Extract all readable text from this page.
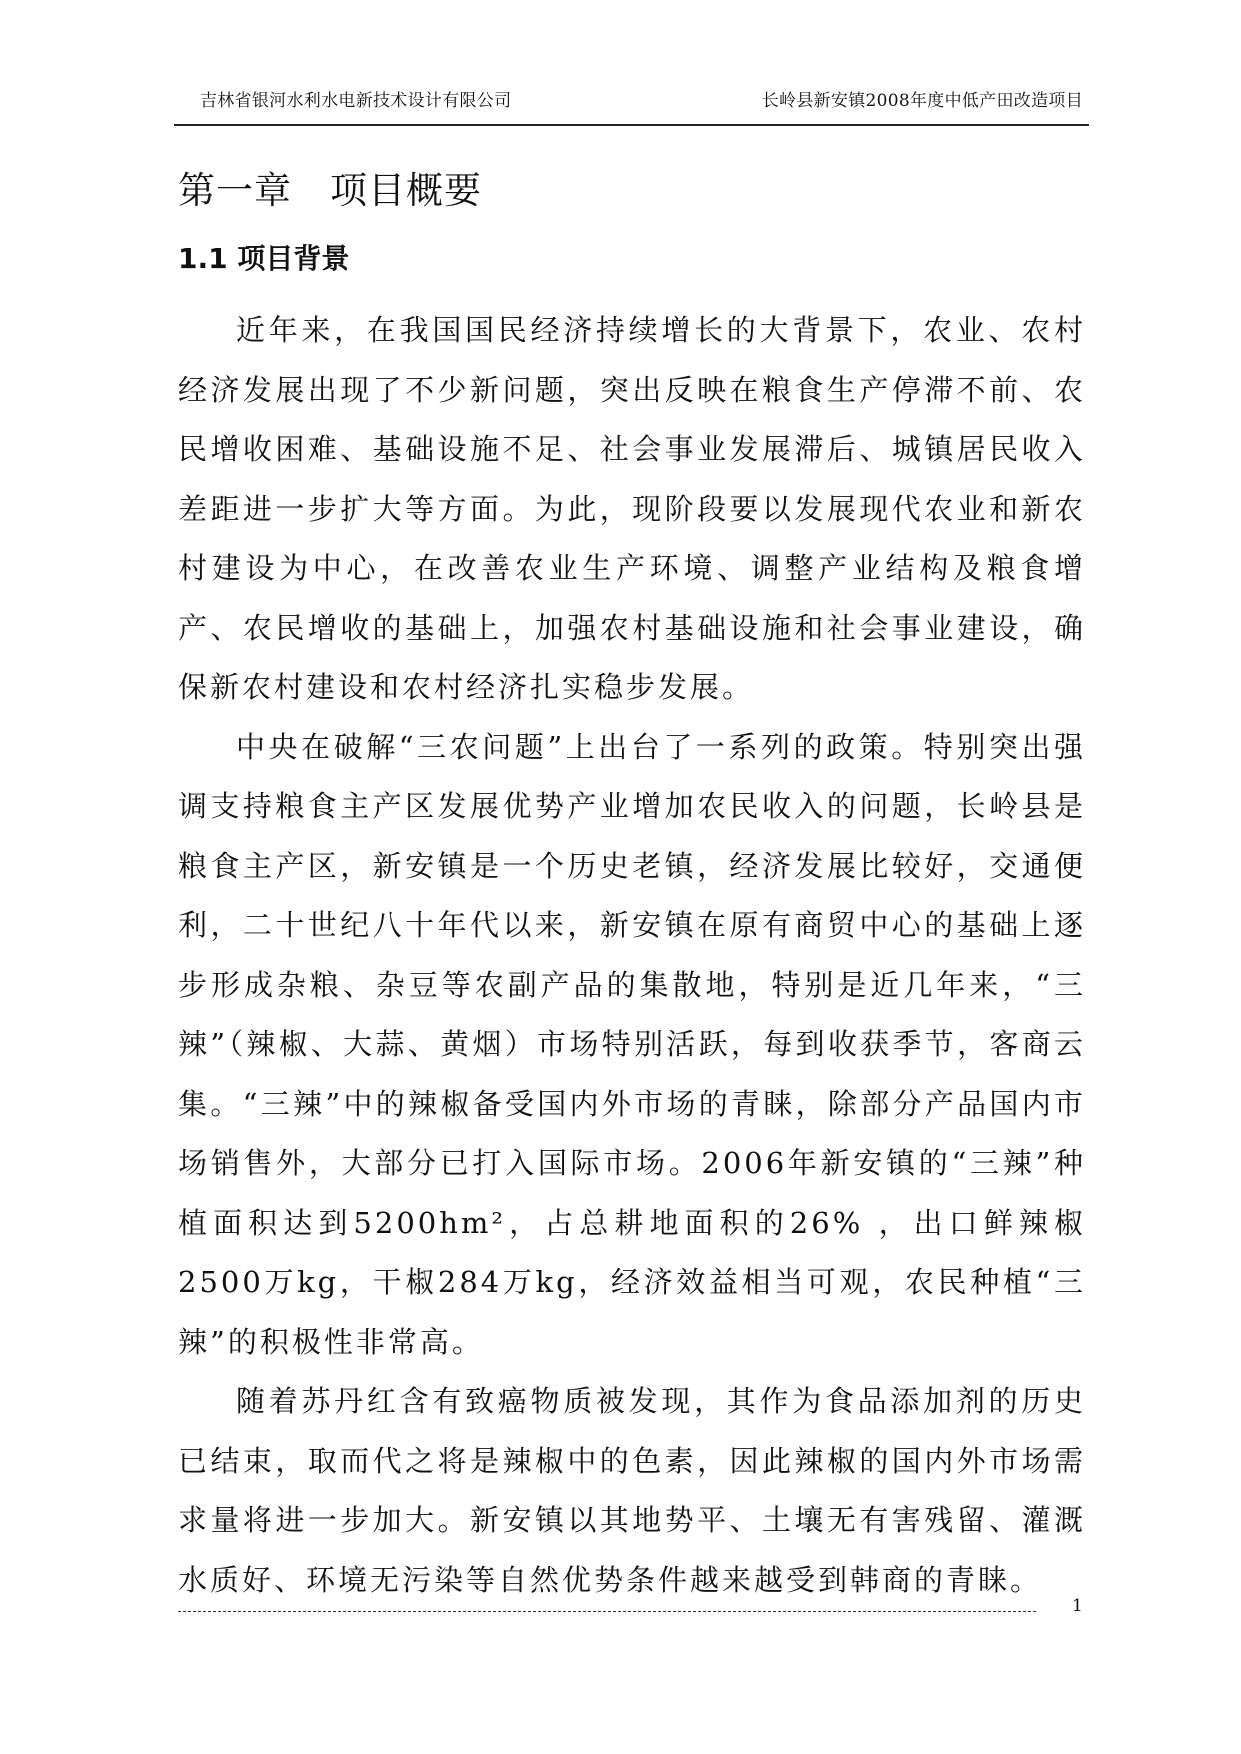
吉林省银河水利水电新技术设计有限公司	长岭县新安镇2008年度中低产田改造项目
第一章　项目概要
1.1 项目背景

近年来，在我国国民经济持续增长的大背景下，农业、农村经济发展出现了不少新问题，突出反映在粮食生产停滞不前、农民增收困难、基础设施不足、社会事业发展滞后、城镇居民收入差距进一步扩大等方面。为此，现阶段要以发展现代农业和新农村建设为中心，在改善农业生产环境、调整产业结构及粮食增产、农民增收的基础上，加强农村基础设施和社会事业建设，确保新农村建设和农村经济扎实稳步发展。

中央在破解“三农问题”上出台了一系列的政策。特别突出强调支持粮食主产区发展优势产业增加农民收入的问题，长岭县是粮食主产区，新安镇是一个历史老镇，经济发展比较好，交通便利，二十世纪八十年代以来，新安镇在原有商贸中心的基础上逐步形成杂粮、杂豆等农副产品的集散地，特别是近几年来，“三辣”（辣椒、大蒜、黄烟）市场特别活跃，每到收获季节，客商云集。“三辣”中的辣椒备受国内外市场的青睐，除部分产品国内市场销售外，大部分已打入国际市场。2006年新安镇的“三辣”种植面积达到5200hm²，占总耕地面积的26% ，出口鲜辣椒2500万kg，干椒284万kg，经济效益相当可观，农民种植“三辣”的积极性非常高。

随着苏丹红含有致癌物质被发现，其作为食品添加剂的历史已结束，取而代之将是辣椒中的色素，因此辣椒的国内外市场需求量将进一步加大。新安镇以其地势平、土壤无有害残留、灌溉水质好、环境无污染等自然优势条件越来越受到韩商的青睐。

1
